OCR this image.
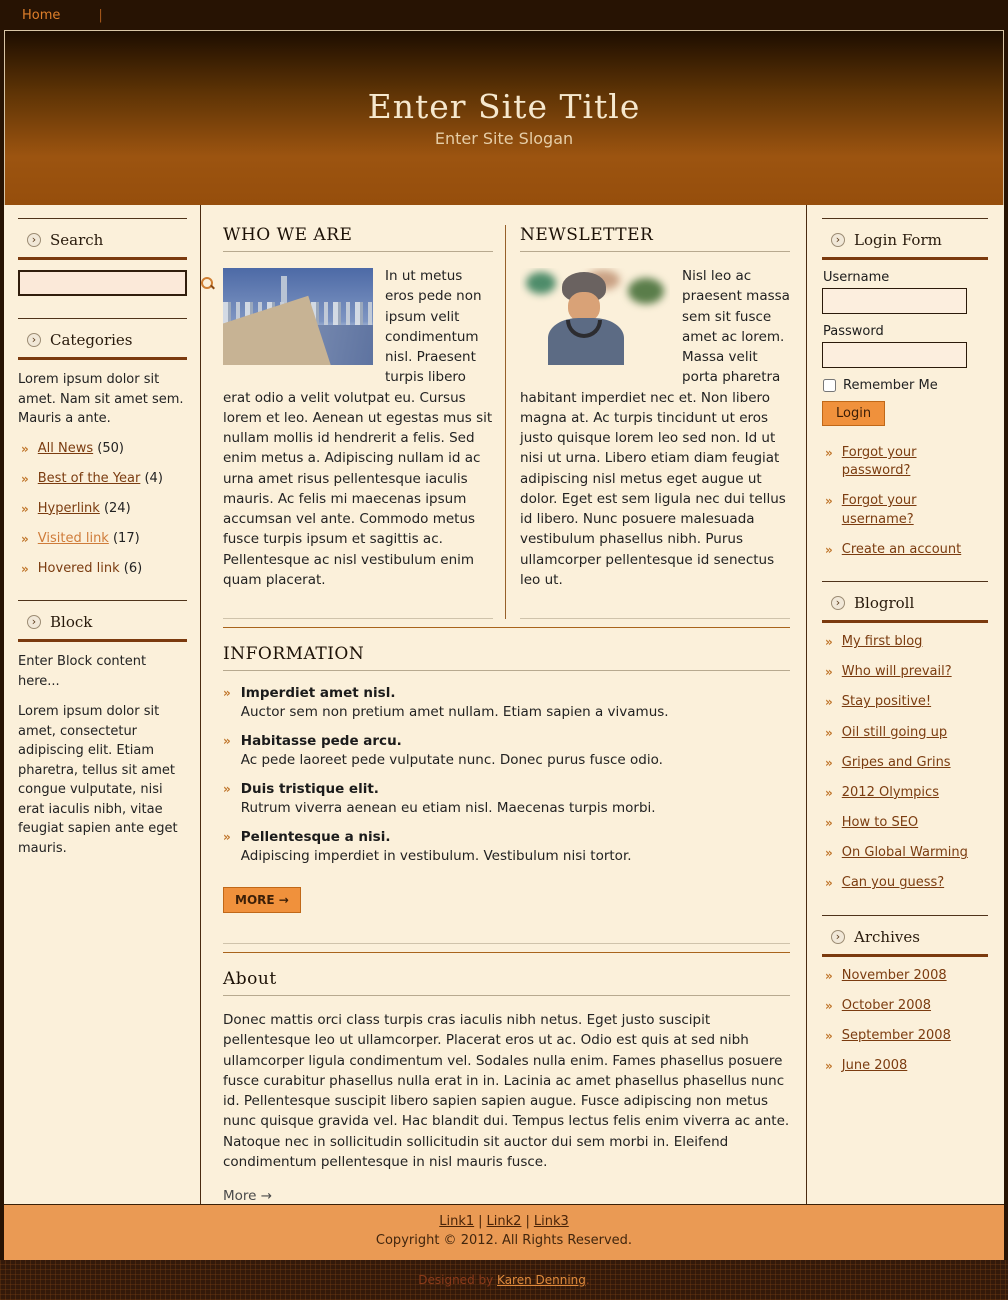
Home	|
Enter Site Title
Enter Site Slogan
› Search
› Categories

Lorem ipsum dolor sit amet. Nam sit amet sem. Mauris a ante.

» All News (50)
» Best of the Year (4)
» Hyperlink (24)
» Visited link (17)
» Hovered link (6)
› Block

Enter Block content here...

Lorem ipsum dolor sit amet, consectetur adipiscing elit. Etiam pharetra, tellus sit amet congue vulputate, nisi erat iaculis nibh, vitae feugiat sapien ante eget mauris.

WHO WE ARE

In ut metus eros pede non ipsum velit condimentum nisl. Praesent turpis libero erat odio a velit volutpat eu. Cursus lorem et leo. Aenean ut egestas mus sit nullam mollis id hendrerit a felis. Sed enim metus a. Adipiscing nullam id ac urna amet risus pellentesque iaculis mauris. Ac felis mi maecenas ipsum accumsan vel ante. Commodo metus fusce turpis ipsum et sagittis ac. Pellentesque ac nisl vestibulum enim quam placerat.

NEWSLETTER

Nisl leo ac praesent massa sem sit fusce amet ac lorem. Massa velit porta pharetra habitant imperdiet nec et. Non libero magna at. Ac turpis tincidunt ut eros justo quisque lorem leo sed non. Id ut nisi ut urna. Libero etiam diam feugiat adipiscing nisl metus eget augue ut dolor. Eget est sem ligula nec dui tellus id libero. Nunc posuere malesuada vestibulum phasellus nibh. Purus ullamcorper pellentesque id senectus leo ut.

INFORMATION
» Imperdiet amet nisl.
Auctor sem non pretium amet nullam. Etiam sapien a vivamus.
» Habitasse pede arcu.
Ac pede laoreet pede vulputate nunc. Donec purus fusce odio.
» Duis tristique elit.
Rutrum viverra aenean eu etiam nisl. Maecenas turpis morbi.
» Pellentesque a nisi.
Adipiscing imperdiet in vestibulum. Vestibulum nisi tortor.
MORE →
About

Donec mattis orci class turpis cras iaculis nibh netus. Eget justo suscipit pellentesque leo ut ullamcorper. Placerat eros ut ac. Odio est quis at sed nibh ullamcorper ligula condimentum vel. Sodales nulla enim. Fames phasellus posuere fusce curabitur phasellus nulla erat in in. Lacinia ac amet phasellus phasellus nunc id. Pellentesque suscipit libero sapien sapien augue. Fusce adipiscing non metus nunc quisque gravida vel. Hac blandit dui. Tempus lectus felis enim viverra ac ante. Natoque nec in sollicitudin sollicitudin sit auctor dui sem morbi in. Eleifend condimentum pellentesque in nisl mauris fusce.

More →
› Login Form
Username
Password
Remember Me
Login
» Forgot your password?
» Forgot your username?
» Create an account
› Blogroll
» My first blog
» Who will prevail?
» Stay positive!
» Oil still going up
» Gripes and Grins
» 2012 Olympics
» How to SEO
» On Global Warming
» Can you guess?
› Archives
» November 2008
» October 2008
» September 2008
» June 2008
Link1 | Link2 | Link3
Copyright © 2012. All Rights Reserved.
Designed by Karen Denning.
